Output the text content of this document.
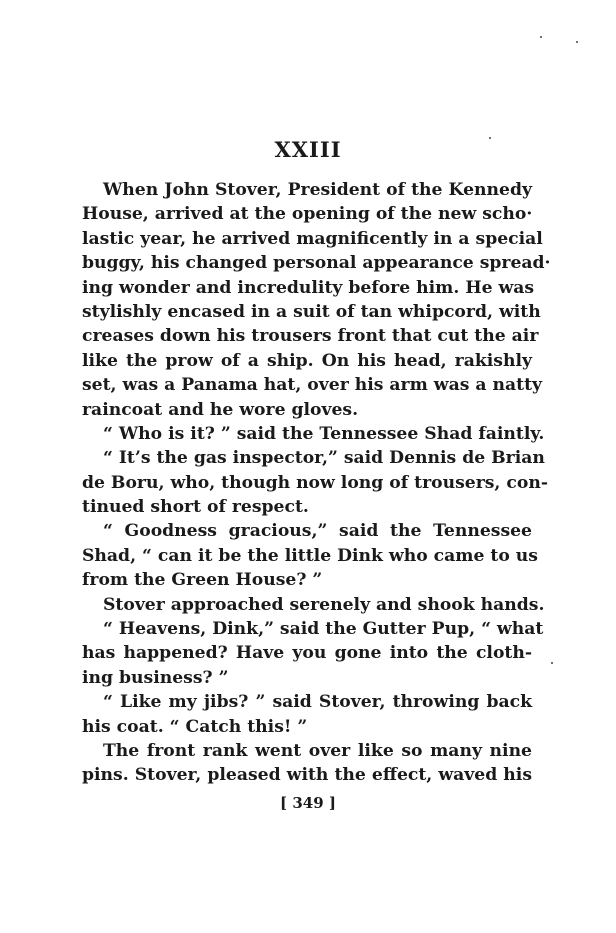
XXIII
When John Stover, President of the Kennedy
House, arrived at the opening of the new scho·
lastic year, he arrived magnificently in a special
buggy, his changed personal appearance spread·
ing wonder and incredulity before him. He was
stylishly encased in a suit of tan whipcord, with
creases down his trousers front that cut the air
like the prow of a ship. On his head, rakishly
set, was a Panama hat, over his arm was a natty
raincoat and he wore gloves.
“ Who is it? ” said the Tennessee Shad faintly.
“ It’s the gas inspector,” said Dennis de Brian
de Boru, who, though now long of trousers, con-
tinued short of respect.
“ Goodness gracious,” said the Tennessee
Shad, “ can it be the little Dink who came to us
from the Green House? ”
Stover approached serenely and shook hands.
“ Heavens, Dink,” said the Gutter Pup, “ what
has happened? Have you gone into the cloth-
ing business? ”
“ Like my jibs? ” said Stover, throwing back
his coat. “ Catch this! ”
The front rank went over like so many nine
pins. Stover, pleased with the effect, waved his
[ 349 ]
